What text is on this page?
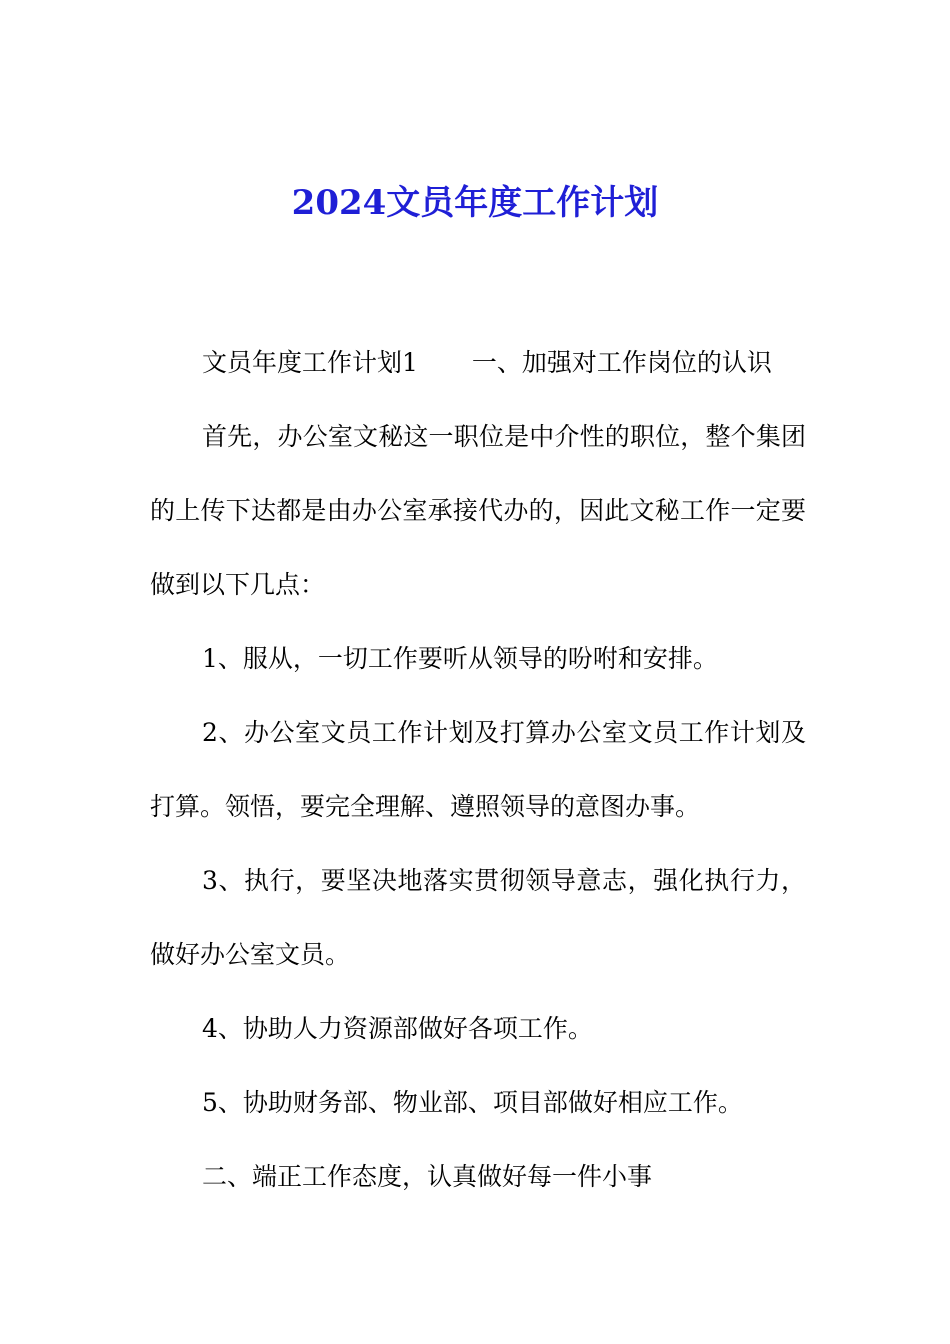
2024文员年度工作计划

文员年度工作计划1 一、加强对工作岗位的认识

首先，办公室文秘这一职位是中介性的职位，整个集团的上传下达都是由办公室承接代办的，因此文秘工作一定要做到以下几点：

1、服从，一切工作要听从领导的吩咐和安排。

2、办公室文员工作计划及打算办公室文员工作计划及打算。领悟，要完全理解、遵照领导的意图办事。

3、执行，要坚决地落实贯彻领导意志，强化执行力，做好办公室文员。

4、协助人力资源部做好各项工作。

5、协助财务部、物业部、项目部做好相应工作。

二、端正工作态度，认真做好每一件小事
